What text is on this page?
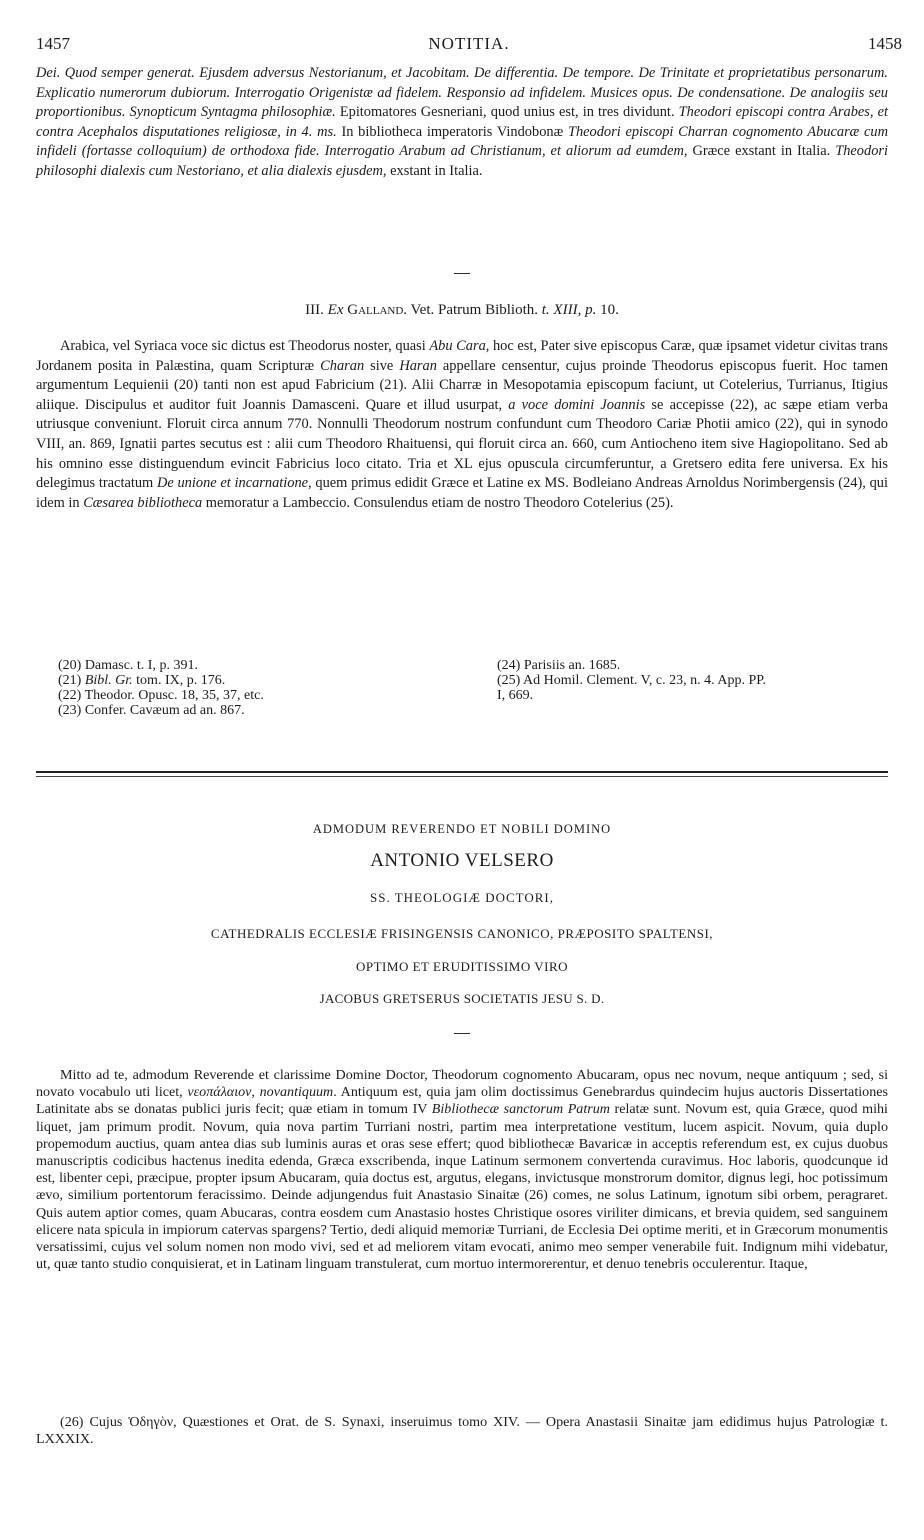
1457	NOTITIA.	1458

Dei. Quod semper generat. Ejusdem adversus Nestorianum, et Jacobitam. De differentia. De tempore. De Trinitate et proprietatibus personarum. Explicatio numerorum dubiorum. Interrogatio Origenistæ ad fidelem. Responsio ad infidelem. Musices opus. De condensatione. De analogiis seu proportionibus. Synopticum Syntagma philosophiæ. Epitomatores Gesneriani, quod unius est, in tres dividunt. Theodori episcopi contra Arabes, et contra Acephalos disputationes religiosæ, in 4. ms. In bibliotheca imperatoris Vindobonæ Theodori episcopi Charran cognomento Abucaræ cum infideli (fortasse colloquium) de orthodoxa fide. Interrogatio Arabum ad Christianum, et aliorum ad eumdem, Græce exstant in Italia. Theodori philosophi dialexis cum Nestoriano, et alia dialexis ejusdem, exstant in Italia.

III. Ex Galland. Vet. Patrum Biblioth. t. XIII, p. 10.

Arabica, vel Syriaca voce sic dictus est Theodorus noster, quasi Abu Cara, hoc est, Pater sive episcopus Caræ, quæ ipsamet videtur civitas trans Jordanem posita in Palæstina, quam Scripturæ Charan sive Haran appellare censentur, cujus proinde Theodorus episcopus fuerit. Hoc tamen argumentum Lequienii (20) tanti non est apud Fabricium (21). Alii Charræ in Mesopotamia episcopum faciunt, ut Cotelerius, Turrianus, Itigius aliique. Discipulus et auditor fuit Joannis Damasceni. Quare et illud usurpat, a voce domini Joannis se accepisse (22), ac sæpe etiam verba utriusque conveniunt. Floruit circa annum 770. Nonnulli Theodorum nostrum confundunt cum Theodoro Cariæ Photii amico (22), qui in synodo VIII, an. 869, Ignatii partes secutus est : alii cum Theodoro Rhaituensi, qui floruit circa an. 660, cum Antiocheno item sive Hagiopolitano. Sed ab his omnino esse distinguendum evincit Fabricius loco citato. Tria et XL ejus opuscula circumferuntur, a Gretsero edita fere universa. Ex his delegimus tractatum De unione et incarnatione, quem primus edidit Græce et Latine ex MS. Bodleiano Andreas Arnoldus Norimbergensis (24), qui idem in Cæsarea bibliotheca memoratur a Lambeccio. Consulendus etiam de nostro Theodoro Cotelerius (25).

(20) Damasc. t. I, p. 391.
(21) Bibl. Gr. tom. IX, p. 176.
(22) Theodor. Opusc. 18, 35, 37, etc.
(23) Confer. Cavæum ad an. 867.
(24) Parisiis an. 1685.
(25) Ad Homil. Clement. V, c. 23, n. 4. App. PP.
I, 669.
ADMODUM REVERENDO ET NOBILI DOMINO
ANTONIO VELSERO
SS. THEOLOGIÆ DOCTORI,
CATHEDRALIS ECCLESIÆ FRISINGENSIS CANONICO, PRÆPOSITO SPALTENSI,
OPTIMO ET ERUDITISSIMO VIRO
JACOBUS GRETSERUS SOCIETATIS JESU S. D.

Mitto ad te, admodum Reverende et clarissime Domine Doctor, Theodorum cognomento Abucaram, opus nec novum, neque antiquum ; sed, si novato vocabulo uti licet, νεοπάλαιον, novantiquum. Antiquum est, quia jam olim doctissimus Genebrardus quindecim hujus auctoris Dissertationes Latinitate abs se donatas publici juris fecit; quæ etiam in tomum IV Bibliothecæ sanctorum Patrum relatæ sunt. Novum est, quia Græce, quod mihi liquet, jam primum prodit. Novum, quia nova partim Turriani nostri, partim mea interpretatione vestitum, lucem aspicit. Novum, quia duplo propemodum auctius, quam antea dias sub luminis auras et oras sese effert; quod bibliothecæ Bavaricæ in acceptis referendum est, ex cujus duobus manuscriptis codicibus hactenus inedita edenda, Græca exscribenda, inque Latinum sermonem convertenda curavimus. Hoc laboris, quodcunque id est, libenter cepi, præcipue, propter ipsum Abucaram, quia doctus est, argutus, elegans, invictusque monstrorum domitor, dignus legi, hoc potissimum ævo, similium portentorum feracissimo. Deinde adjungendus fuit Anastasio Sinaitæ (26) comes, ne solus Latinum, ignotum sibi orbem, peragraret. Quis autem aptior comes, quam Abucaras, contra eosdem cum Anastasio hostes Christique osores viriliter dimicans, et brevia quidem, sed sanguinem elicere nata spicula in impiorum catervas spargens? Tertio, dedi aliquid memoriæ Turriani, de Ecclesia Dei optime meriti, et in Græcorum monumentis versatissimi, cujus vel solum nomen non modo vivi, sed et ad meliorem vitam evocati, animo meo semper venerabile fuit. Indignum mihi videbatur, ut, quæ tanto studio conquisierat, et in Latinam linguam transtulerat, cum mortuo intermorerentur, et denuo tenebris occulerentur. Itaque,

(26) Cujus Ὁδηγὸν, Quæstiones et Orat. de S. Synaxi, inseruimus tomo XIV. — Opera Anastasii Sinaitæ jam edidimus hujus Patrologiæ t. LXXXIX.
